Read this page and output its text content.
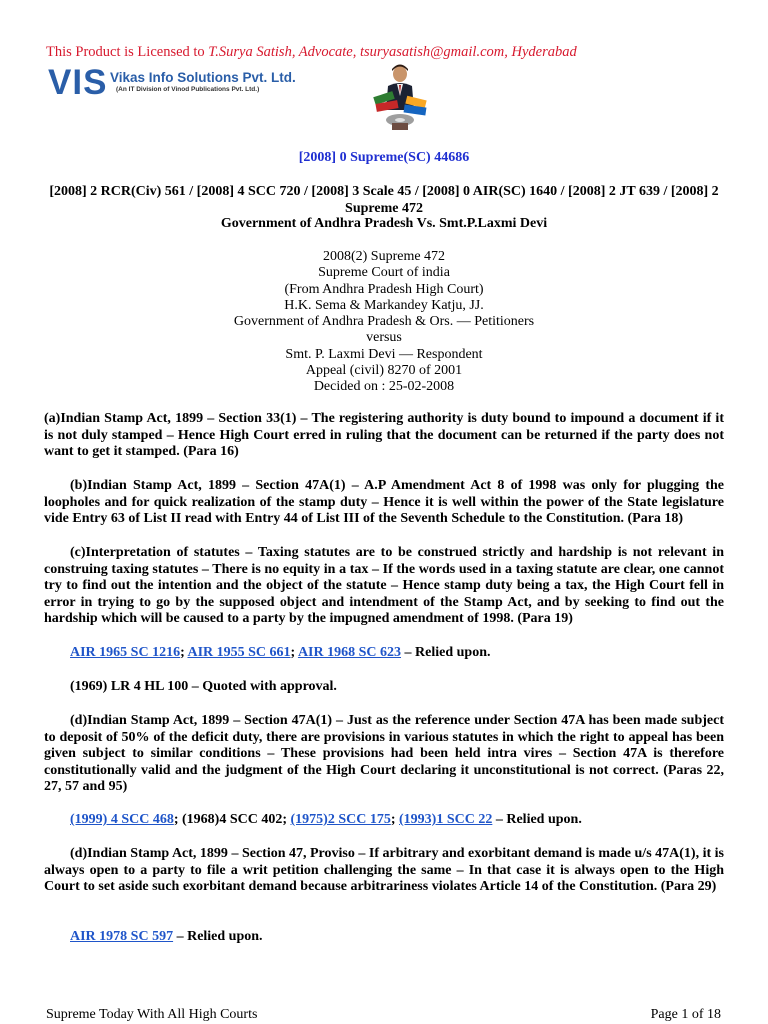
This Product is Licensed to T.Surya Satish, Advocate, tsuryasatish@gmail.com, Hyderabad
VIS Vikas Info Solutions Pvt. Ltd.
(An IT Division of Vinod Publications Pvt. Ltd.)
[2008] 0 Supreme(SC) 44686
[2008] 2 RCR(Civ) 561 / [2008] 4 SCC 720 / [2008] 3 Scale 45 / [2008] 0 AIR(SC) 1640 / [2008] 2 JT 639 / [2008] 2 Supreme 472
Government of Andhra Pradesh Vs. Smt.P.Laxmi Devi
2008(2) Supreme 472
Supreme Court of india
(From Andhra Pradesh High Court)
H.K. Sema & Markandey Katju, JJ.
Government of Andhra Pradesh & Ors. — Petitioners
versus
Smt. P. Laxmi Devi — Respondent
Appeal (civil) 8270 of 2001
Decided on : 25-02-2008
(a)Indian Stamp Act, 1899 – Section 33(1) – The registering authority is duty bound to impound a document if it is not duly stamped – Hence High Court erred in ruling that the document can be returned if the party does not want to get it stamped. (Para 16)
(b)Indian Stamp Act, 1899 – Section 47A(1) – A.P Amendment Act 8 of 1998 was only for plugging the loopholes and for quick realization of the stamp duty – Hence it is well within the power of the State legislature vide Entry 63 of List II read with Entry 44 of List III of the Seventh Schedule to the Constitution. (Para 18)
(c)Interpretation of statutes – Taxing statutes are to be construed strictly and hardship is not relevant in construing taxing statutes – There is no equity in a tax – If the words used in a taxing statute are clear, one cannot try to find out the intention and the object of the statute – Hence stamp duty being a tax, the High Court fell in error in trying to go by the supposed object and intendment of the Stamp Act, and by seeking to find out the hardship which will be caused to a party by the impugned amendment of 1998. (Para 19)
AIR 1965 SC 1216; AIR 1955 SC 661; AIR 1968 SC 623 – Relied upon.
(1969) LR 4 HL 100 – Quoted with approval.
(d)Indian Stamp Act, 1899 – Section 47A(1) – Just as the reference under Section 47A has been made subject to deposit of 50% of the deficit duty, there are provisions in various statutes in which the right to appeal has been given subject to similar conditions – These provisions had been held intra vires – Section 47A is therefore constitutionally valid and the judgment of the High Court declaring it unconstitutional is not correct. (Paras 22, 27, 57 and 95)
(1999) 4 SCC 468; (1968)4 SCC 402; (1975)2 SCC 175; (1993)1 SCC 22 – Relied upon.
(d)Indian Stamp Act, 1899 – Section 47, Proviso – If arbitrary and exorbitant demand is made u/s 47A(1), it is always open to a party to file a writ petition challenging the same – In that case it is always open to the High Court to set aside such exorbitant demand because arbitrariness violates Article 14 of the Constitution. (Para 29)
AIR 1978 SC 597 – Relied upon.
Supreme Today With All High Courts	Page 1 of 18
